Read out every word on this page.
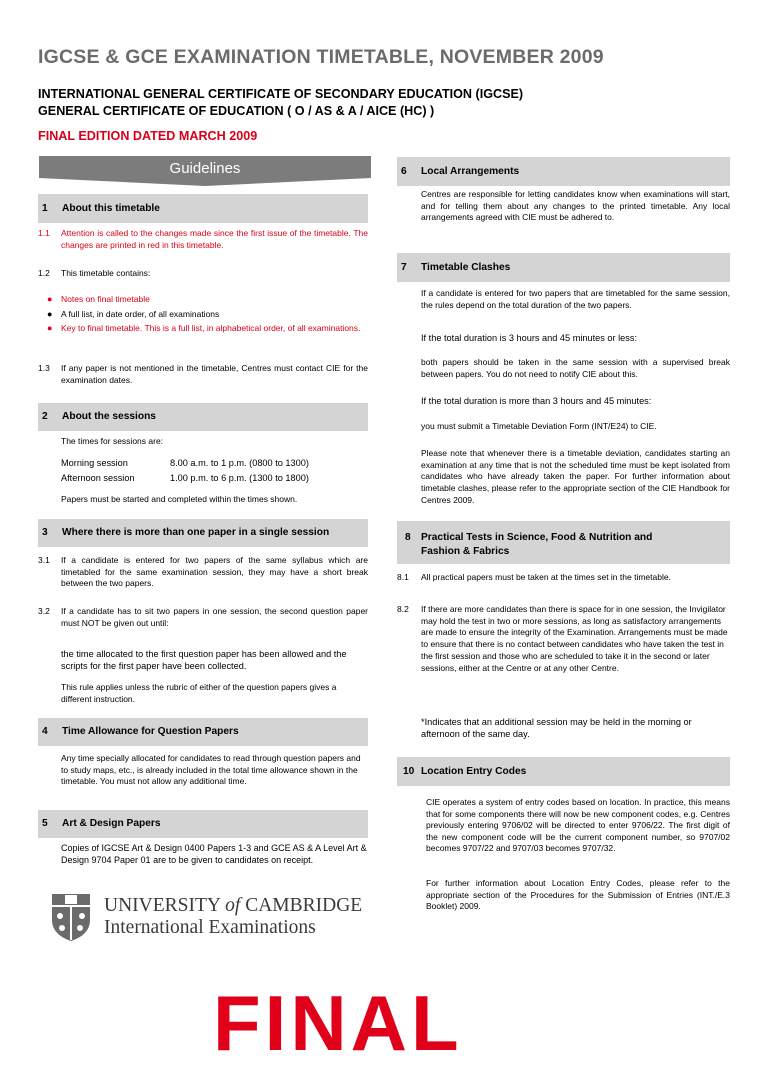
IGCSE & GCE EXAMINATION TIMETABLE, NOVEMBER 2009
INTERNATIONAL GENERAL CERTIFICATE OF SECONDARY EDUCATION (IGCSE)
GENERAL CERTIFICATE OF EDUCATION ( O / AS & A / AICE (HC) )
FINAL EDITION DATED MARCH 2009
Guidelines
1 About this timetable
1.1 Attention is called to the changes made since the first issue of the timetable. The changes are printed in red in this timetable.
1.2 This timetable contains:
● Notes on final timetable
● A full list, in date order, of all examinations
● Key to final timetable. This is a full list, in alphabetical order, of all examinations.
1.3 If any paper is not mentioned in the timetable, Centres must contact CIE for the examination dates.
2 About the sessions
The times for sessions are:
Morning session	8.00 a.m. to 1 p.m. (0800 to 1300)
Afternoon session	1.00 p.m. to 6 p.m. (1300 to 1800)
Papers must be started and completed within the times shown.
3 Where there is more than one paper in a single session
3.1 If a candidate is entered for two papers of the same syllabus which are timetabled for the same examination session, they may have a short break between the two papers.
3.2 If a candidate has to sit two papers in one session, the second question paper must NOT be given out until:
the time allocated to the first question paper has been allowed and the scripts for the first paper have been collected.
This rule applies unless the rubric of either of the question papers gives a different instruction.
4 Time Allowance for Question Papers
Any time specially allocated for candidates to read through question papers and to study maps, etc., is already included in the total time allowance shown in the timetable. You must not allow any additional time.
5 Art & Design Papers
Copies of IGCSE Art & Design 0400 Papers 1-3 and GCE AS & A Level Art & Design 9704 Paper 01 are to be given to candidates on receipt.
UNIVERSITY of CAMBRIDGE
International Examinations
6 Local Arrangements
Centres are responsible for letting candidates know when examinations will start, and for telling them about any changes to the printed timetable. Any local arrangements agreed with CIE must be adhered to.
7 Timetable Clashes
If a candidate is entered for two papers that are timetabled for the same session, the rules depend on the total duration of the two papers.
If the total duration is 3 hours and 45 minutes or less:
both papers should be taken in the same session with a supervised break between papers. You do not need to notify CIE about this.
If the total duration is more than 3 hours and 45 minutes:
you must submit a Timetable Deviation Form (INT/E24) to CIE.
Please note that whenever there is a timetable deviation, candidates starting an examination at any time that is not the scheduled time must be kept isolated from candidates who have already taken the paper. For further information about timetable clashes, please refer to the appropriate section of the CIE Handbook for Centres 2009.
8 Practical Tests in Science, Food & Nutrition and
Fashion & Fabrics
8.1 All practical papers must be taken at the times set in the timetable.
8.2 If there are more candidates than there is space for in one session, the Invigilator may hold the test in two or more sessions, as long as satisfactory arrangements are made to ensure the integrity of the Examination. Arrangements must be made to ensure that there is no contact between candidates who have taken the test in the first session and those who are scheduled to take it in the second or later sessions, either at the Centre or at any other Centre.
*Indicates that an additional session may be held in the morning or afternoon of the same day.
10 Location Entry Codes
CIE operates a system of entry codes based on location. In practice, this means that for some components there will now be new component codes, e.g. Centres previously entering 9706/02 will be directed to enter 9706/22. The first digit of the new component code will be the current component number, so 9707/02 becomes 9707/22 and 9707/03 becomes 9707/32.
For further information about Location Entry Codes, please refer to the appropriate section of the Procedures for the Submission of Entries (INT./E.3 Booklet) 2009.
FINAL
